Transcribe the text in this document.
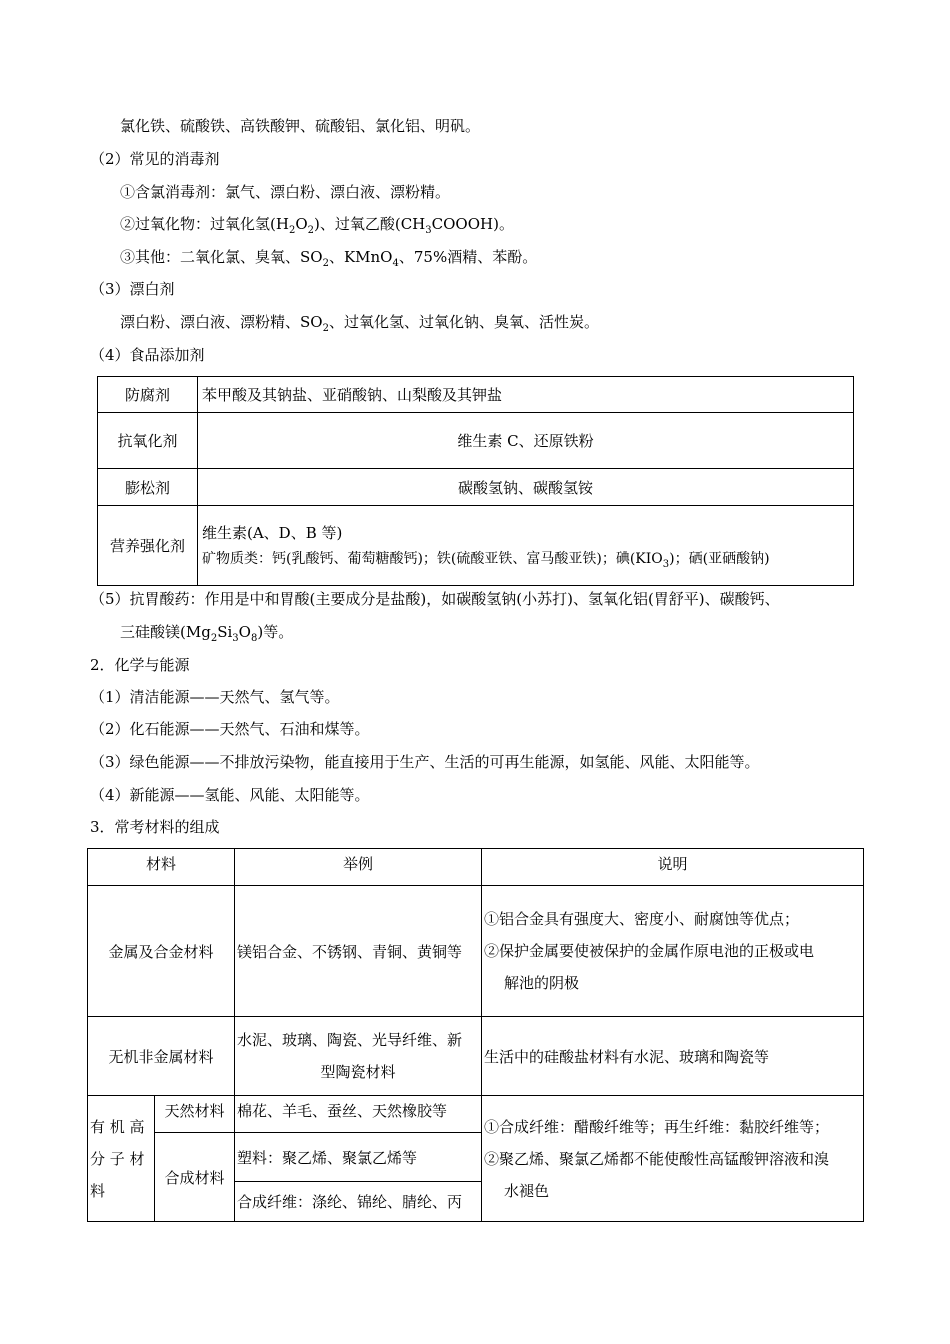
氯化铁、硫酸铁、高铁酸钾、硫酸铝、氯化铝、明矾。
（2）常见的消毒剂
①含氯消毒剂：氯气、漂白粉、漂白液、漂粉精。
②过氧化物：过氧化氢$(H_2O_2)$、过氧乙酸$(CH_3COOOH)$。
③其他：二氧化氯、臭氧、$SO_2$、KMnO$_4$、75%酒精、苯酚。
（3）漂白剂
漂白粉、漂白液、漂粉精、$SO_2$、过氧化氢、过氧化钠、臭氧、活性炭。
（4）食品添加剂
防腐剂	苯甲酸及其钠盐、亚硝酸钠、山梨酸及其钾盐
抗氧化剂	维生素 C、还原铁粉
膨松剂	碳酸氢钠、碳酸氢铵
营养强化剂	维生素(A、D、B 等)
矿物质类：钙(乳酸钙、葡萄糖酸钙)；铁(硫酸亚铁、富马酸亚铁)；碘$(KIO_3)$；硒(亚硒酸钠)
（5）抗胃酸药：作用是中和胃酸(主要成分是盐酸)，如碳酸氢钠(小苏打)、氢氧化铝(胃舒平)、碳酸钙、
三硅酸镁$(Mg_2Si_3O_8)$等。
2．化学与能源
（1）清洁能源——天然气、氢气等。
（2）化石能源——天然气、石油和煤等。
（3）绿色能源——不排放污染物，能直接用于生产、生活的可再生能源，如氢能、风能、太阳能等。
（4）新能源——氢能、风能、太阳能等。
3．常考材料的组成
材料		举例	说明
金属及合金材料		镁铝合金、不锈钢、青铜、黄铜等	①铝合金具有强度大、密度小、耐腐蚀等优点；
②保护金属要使被保护的金属作原电池的正极或电
解池的阴极

无机非金属材料		水泥、玻璃、陶瓷、光导纤维、新
型陶瓷材料	生活中的硅酸盐材料有水泥、玻璃和陶瓷等

有 机 高
分 子 材
料	天然材料	棉花、羊毛、蚕丝、天然橡胶等	①合成纤维：醋酸纤维等；再生纤维：黏胶纤维等；
②聚乙烯、聚氯乙烯都不能使酸性高锰酸钾溶液和溴
水褪色

	合成材料	塑料：聚乙烯、聚氯乙烯等	
		合成纤维：涤纶、锦纶、腈纶、丙	
